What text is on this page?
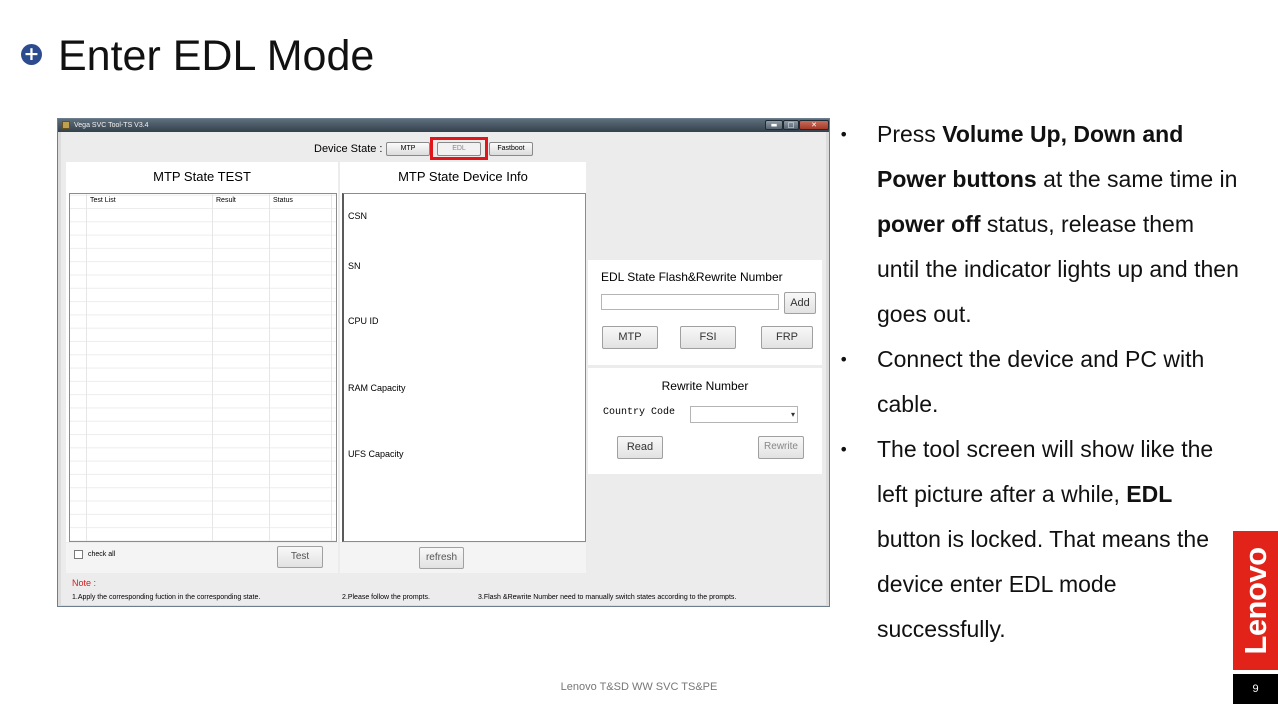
+ Enter EDL Mode
Vega SVC Tool-TS V3.4	▬	□	✕
Device State :	MTP	EDL	Fastboot
MTP State TEST
Test List	Result	Status
MTP State Device Info
CSN
SN
CPU ID
RAM Capacity
UFS Capacity
check all	Test	refresh
EDL State Flash&Rewrite Number
Add
MTP	FSI	FRP
Rewrite Number
Country Code	▾
Read	Rewrite
Note :
1.Apply the corresponding fuction in the corresponding state.	2.Please follow the prompts.	3.Flash &Rewrite Number need to manually switch states according to the prompts.
• Press Volume Up, Down and Power buttons at the same time in power off status, release them until the indicator lights up and then goes out.
• Connect the device and PC with cable.
• The tool screen will show like the left picture after a while, EDL button is locked. That means the device enter EDL mode successfully.	Lenovo
9
Lenovo T&SD WW SVC TS&PE
